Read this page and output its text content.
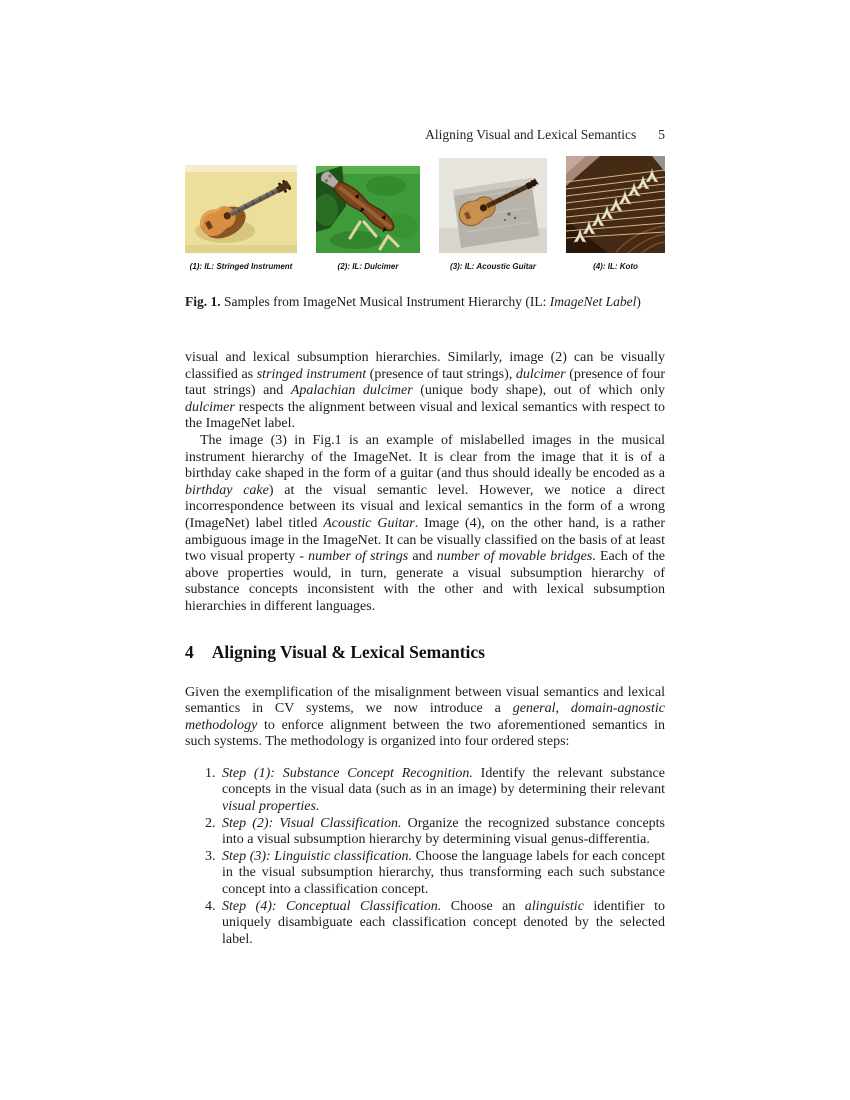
Aligning Visual and Lexical Semantics 5
(1): IL: Stringed Instrument	(2): IL: Dulcimer	(3): IL: Acoustic Guitar	(4): IL: Koto
Fig. 1. Samples from ImageNet Musical Instrument Hierarchy (IL: ImageNet Label)

visual and lexical subsumption hierarchies. Similarly, image (2) can be visually classified as stringed instrument (presence of taut strings), dulcimer (presence of four taut strings) and Apalachian dulcimer (unique body shape), out of which only dulcimer respects the alignment between visual and lexical semantics with respect to the ImageNet label.

The image (3) in Fig.1 is an example of mislabelled images in the musical instrument hierarchy of the ImageNet. It is clear from the image that it is of a birthday cake shaped in the form of a guitar (and thus should ideally be encoded as a birthday cake) at the visual semantic level. However, we notice a direct incorrespondence between its visual and lexical semantics in the form of a wrong (ImageNet) label titled Acoustic Guitar. Image (4), on the other hand, is a rather ambiguous image in the ImageNet. It can be visually classified on the basis of at least two visual property - number of strings and number of movable bridges. Each of the above properties would, in turn, generate a visual subsumption hierarchy of substance concepts inconsistent with the other and with lexical subsumption hierarchies in different languages.

4 Aligning Visual & Lexical Semantics

Given the exemplification of the misalignment between visual semantics and lexical semantics in CV systems, we now introduce a general, domain-agnostic methodology to enforce alignment between the two aforementioned semantics in such systems. The methodology is organized into four ordered steps:

1. Step (1): Substance Concept Recognition. Identify the relevant substance concepts in the visual data (such as in an image) by determining their relevant visual properties.
2. Step (2): Visual Classification. Organize the recognized substance concepts into a visual subsumption hierarchy by determining visual genus-differentia.
3. Step (3): Linguistic classification. Choose the language labels for each concept in the visual subsumption hierarchy, thus transforming each such substance concept into a classification concept.
4. Step (4): Conceptual Classification. Choose an alinguistic identifier to uniquely disambiguate each classification concept denoted by the selected label.
